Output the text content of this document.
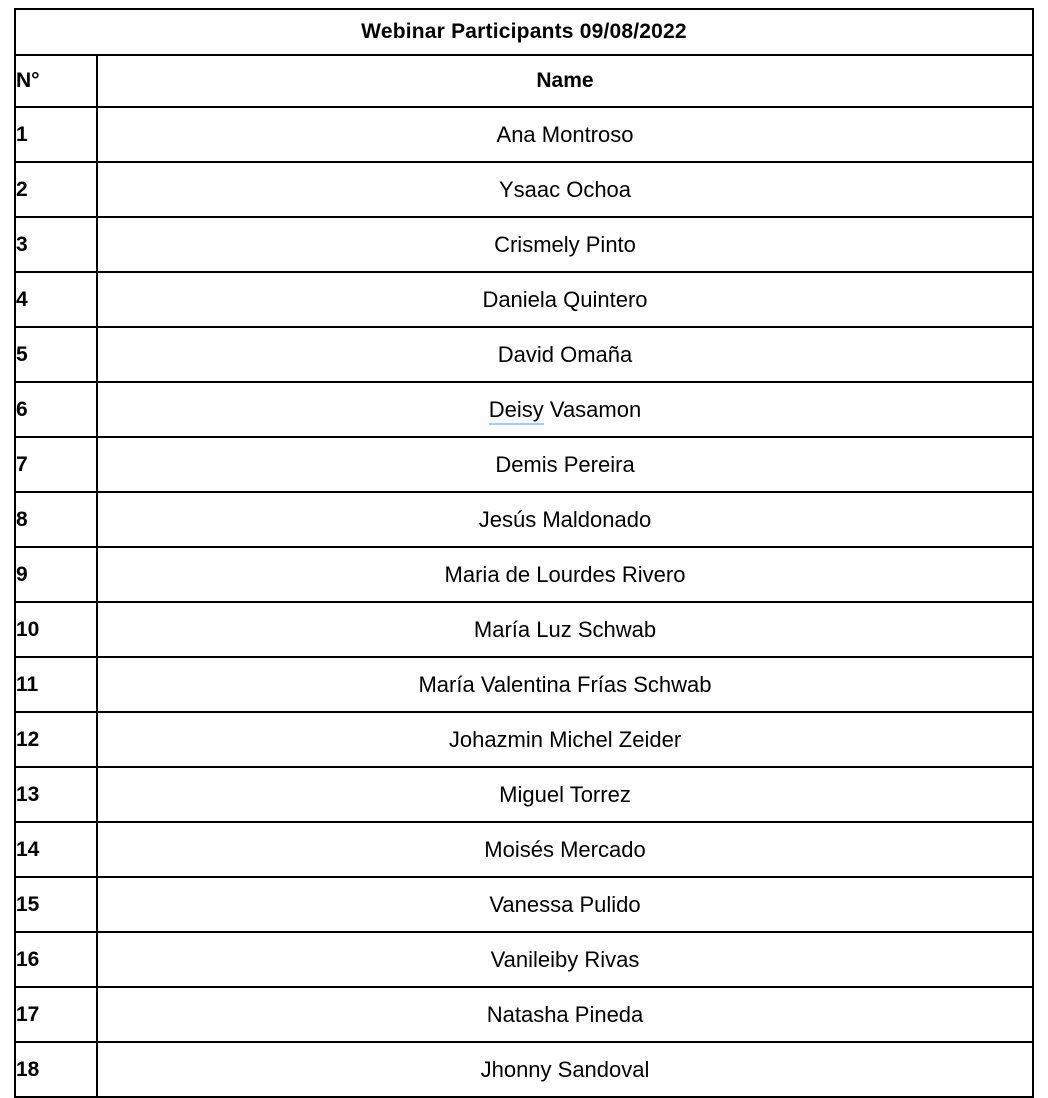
Webinar Participants 09/08/2022	
N°	Name
1	Ana Montroso
2	Ysaac Ochoa
3	Crismely Pinto
4	Daniela Quintero
5	David Omaña
6	Deisy Vasamon
7	Demis Pereira
8	Jesús Maldonado
9	Maria de Lourdes Rivero
10	María Luz Schwab
11	María Valentina Frías Schwab
12	Johazmin Michel Zeider
13	Miguel Torrez
14	Moisés Mercado
15	Vanessa Pulido
16	Vanileiby Rivas
17	Natasha Pineda
18	Jhonny Sandoval
